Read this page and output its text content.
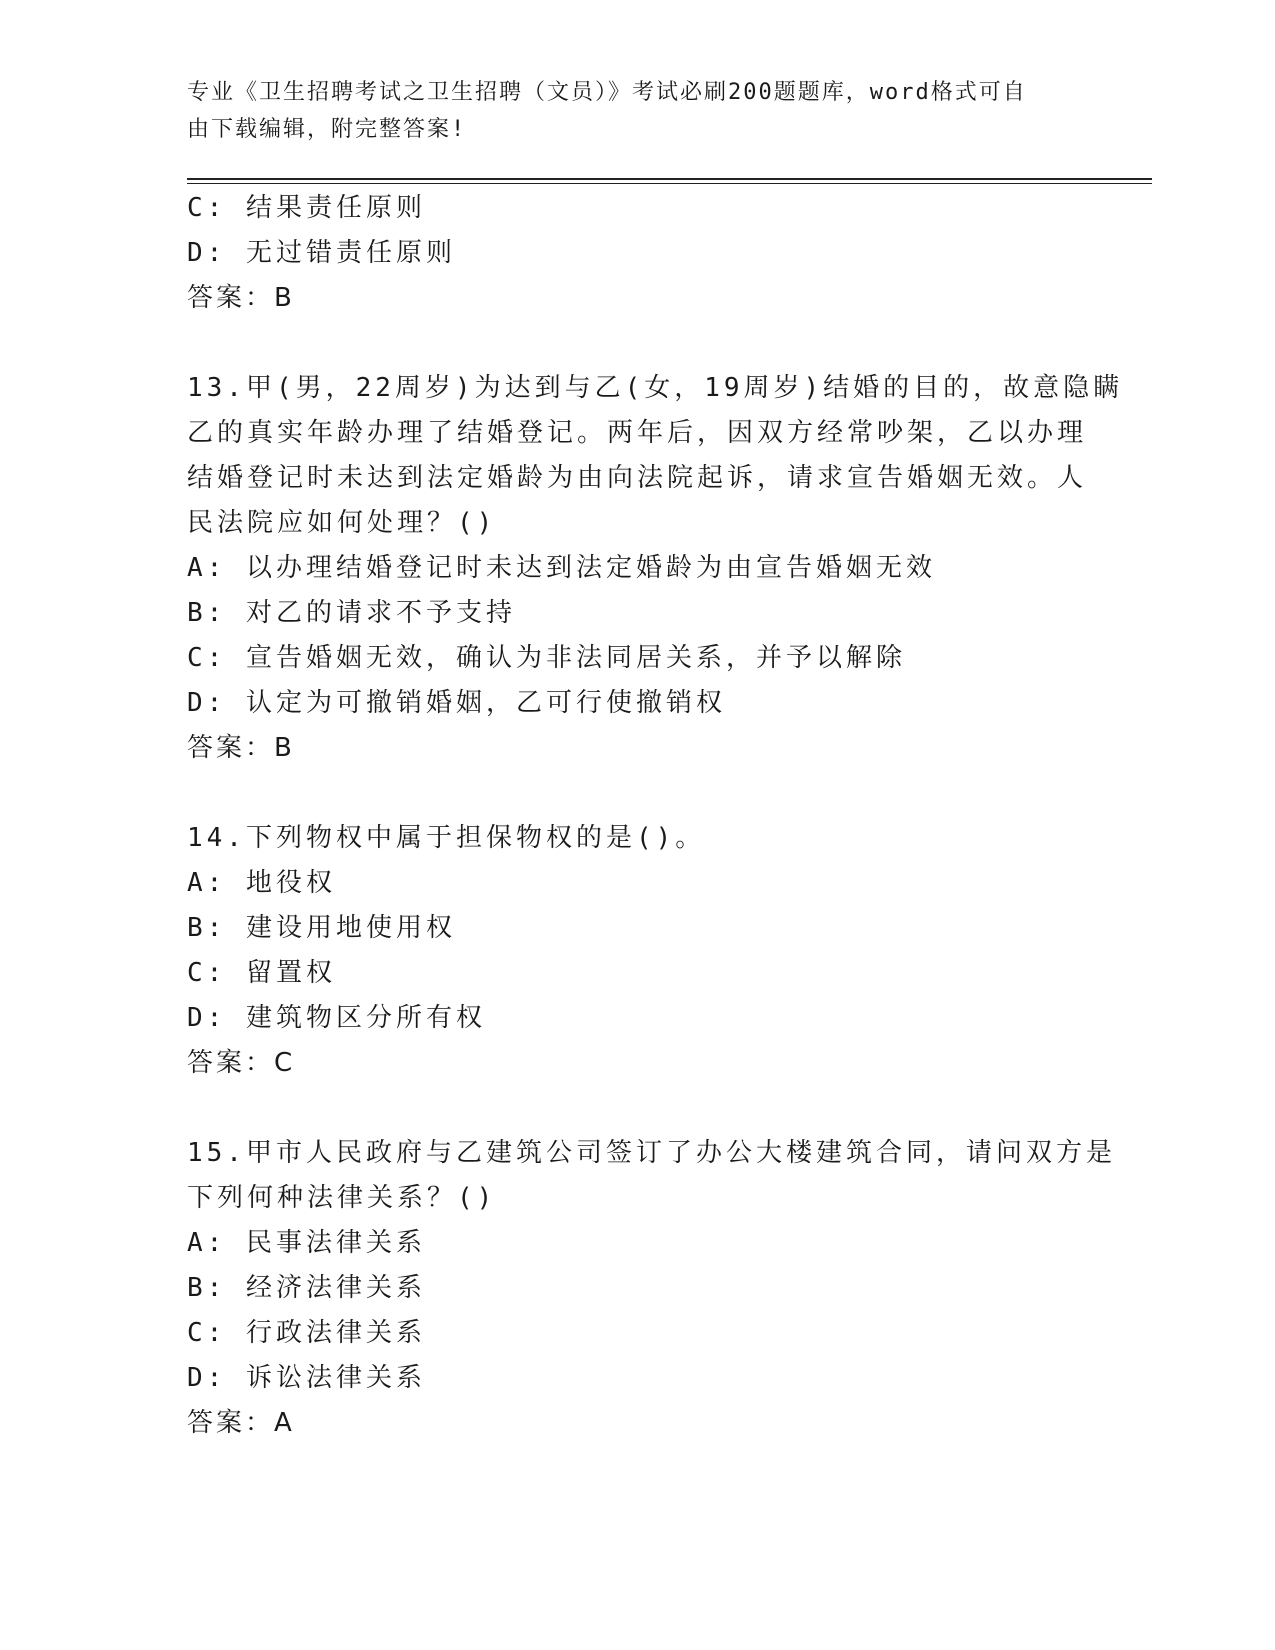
专业《卫生招聘考试之卫生招聘（文员）》考试必刷200题题库，word格式可自
由下载编辑，附完整答案!
C: 结果责任原则
D: 无过错责任原则
答案：B
13.甲(男，22周岁)为达到与乙(女，19周岁)结婚的目的，故意隐瞒
乙的真实年龄办理了结婚登记。两年后，因双方经常吵架，乙以办理
结婚登记时未达到法定婚龄为由向法院起诉，请求宣告婚姻无效。人
民法院应如何处理？()
A: 以办理结婚登记时未达到法定婚龄为由宣告婚姻无效
B: 对乙的请求不予支持
C: 宣告婚姻无效，确认为非法同居关系，并予以解除
D: 认定为可撤销婚姻，乙可行使撤销权
答案：B
14.下列物权中属于担保物权的是()。
A: 地役权
B: 建设用地使用权
C: 留置权
D: 建筑物区分所有权
答案：C
15.甲市人民政府与乙建筑公司签订了办公大楼建筑合同，请问双方是
下列何种法律关系？()
A: 民事法律关系
B: 经济法律关系
C: 行政法律关系
D: 诉讼法律关系
答案：A
